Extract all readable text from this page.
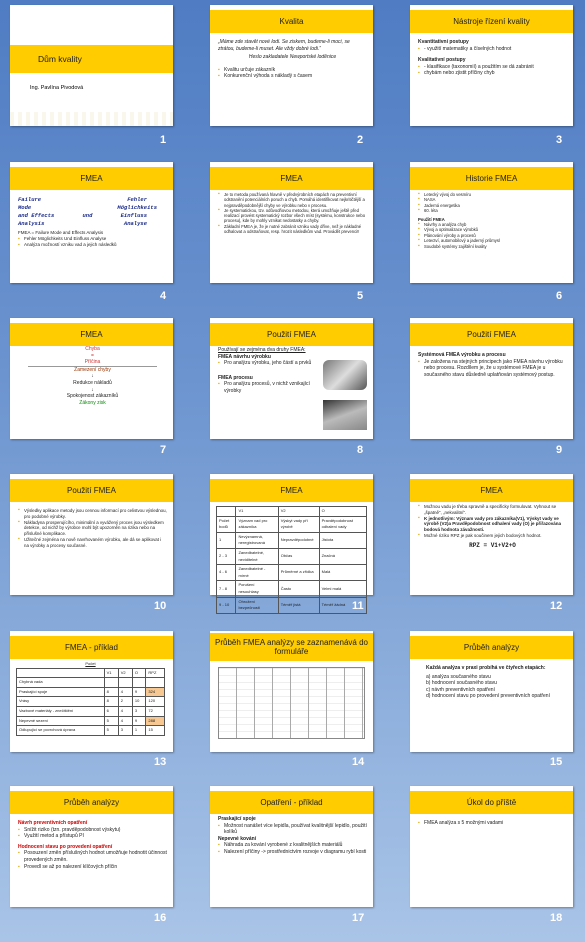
Dům kvality
Ing. Pavlína Pivodová
1
Kvalita
„Máme zde stavět nové lodi. Se ziskem, budeme-li moci, se ztrátou, budeme-li muset. Ale vždy dobré lodi.“
Heslo zakladatele Newportské loděnice
▪ Kvalitu určuje zákazník
▪ Konkurenční výhoda s nákladý s časem
2
Nástroje řízení kvality
Kvantitativní postupy
▪ - využití matematiky a číselných hodnot
Kvalitativní postupy
▪ - klasifikace (taxonomií) a použitím se dá zabránit
▪ chybám nebo zjistit příčiny chyb
3
FMEA
Failure	Fehler
Mode	Möglichkeits
and Effects	und	Einfluss
Analysis	Analyse
FMEA = Failure Mode and Effects Analysis
▪ Fehler Möglichkeits Und Einfluss Analyse
▪ Analýza možností vzniku vad a jejich následků
4
FMEA
▪ Je to metoda používaná hlavně v předvýrobních etapách na preventivní odstranění potenciálních poruch a chyb. Pomáhá identifikovat nejkritičtější a nejpravděpodobnější chyby ve výrobku nebo v procesu.
▪ Je systematickou, tzv. odůvodňovou metodou, která umožňuje ještě před realizací provést systematický rozbor všech míst (systému, konstrukce nebo procesu), kde by mohly vznikat nedostatky a chyby.
▪ Základní FMEA je, že je nutné zabránit vzniku vady dříve, než je nákladné odhalovat a odstraňovat, resp. hrozit následkům vad. Provádět prevenci!!
5
Historie FMEA
▪ Letecký vývoj do vesmíru
▪ NASA
▪ Jaderná energetika
▪ 60. léta
Použití FMEA
▪ Návrhy a analýza chyb
▪ Vývoj a optimalizace výrobků
▪ Plánování výroby a procesů
▪ Letectví, automobilový a jaderný průmysl
▪ Soudobé systémy zajištění kvality
6
FMEA
Chyba
=
Příčina
Zamezení chyby
↓
Redukce nákladů
↓
Spokojenost zákazníků
Zákony zisk
7
Použití FMEA
Používají se zejména dva druhy FMEA:
FMEA návrhu výrobku
▪ Pro analýzu výrobku, jeho částí a prvků
FMEA procesu
▪ Pro analýzu procesů, v nichž vznikající výrobky
8
Použití FMEA
Systémová FMEA výrobku a procesu
▪ Je založena na stejných principech jako FMEA návrhu výrobku nebo procesu. Rozdílem je, že u systémové FMEA je u současného stavu důsledně uplatňován systémový postup.
9
Použití FMEA
▪ Výsledky aplikace metody jsou cennou informací pro celistvou výslednou, pro podobné výrobky.
▪ Nákladyna prosperujícího, minimální a vyvážený proces jsou výsledkem detekce, od nichž by výrobce mohl být upozorněn na rizika nebo na příslušné komplikace.
▪ Užitečné zejména na nově navrhovaném výrobku, ale dá se aplikovat i na výrobky a procesy současné.
10
FMEA
	V1	V2	O
Počet bodů	Význam vad pro zákazníka	Výskyt vady při výrobě	Pravděpodobnost odhalení vady
1	Nevýznamná, neregistrovaná	Nepravděpodobné	Jistota
2 - 3	Zanedbatelné, neviditelné	Občas	Značná
4 - 6	Zanedbatelné - mírné	Průměrné a zřídka	Malá
7 - 8	Porušení nesouhlasy	Často	Velmi malá
9 - 10	Ohrožení bezpečnosti	Téměř jistá	Téměř žádná 11
FMEA
▪ Možnou vadu je třeba spravně a specificky formulovat. Vyhnout se „špatně“, „nekvalitní“.
▪ K jednotlivým: Význam vady pro zákazníka(V1), Výskyt vady ve výrobě (V2)a Pravděpodobnost odhalení vady (O) je přiřazována bodová hodnota závažnosti.
▪ Možné riziko RPZ je pak součinem jejich bodových hodnot.
RPZ = V1+V2+O
12
FMEA - příklad
Počet
	V1	V2	O	RPZ
Chybná vada				
Praskající spoje	8	4	9	324
Vrásy	8	2	10	120
Vazbové materiály - znečištění	6	4	3	72
Nepevné sezení	5	4	9	288
Odlupující se povrchová úprava	5	3	1	15
13
Průběh FMEA analýzy se zaznamenává do formuláře
14
Průběh analýzy
Každá analýza v praxi probíhá ve čtyřech etapách:
a) analýza současného stavu
b) hodnocení současného stavu
c) návrh preventivních opatření
d) hodnocení stavu po provedení preventivních opatření
15
Průběh analýzy
Návrh preventivních opatření
▪ Snížit riziko (tzn. pravděpodobnost výskytu)
▪ Využití metod a přístupů PI
Hodnocení stavu po provedení opatření
▪ Posouzení změn příslušných hodnot umožňuje hodnotit účinnost provedených změn.
▪ Provedl se až po nalezení klíčových příčin
16
Opatření - příklad
Praskající spoje
▪ Možnost nanášet více lepidla, používat kvalitnější lepidlo, použití kolíků
Nepevné kování
▪ Náhrada za kování vyrobené z kvalitnějších materiálů
▪ Nalezení příčiny -> prostřednictvím rozvoje v diagramu rybí kosti
17
Úkol do příště
▪ FMEA analýza s 5 možnými vadami
18
